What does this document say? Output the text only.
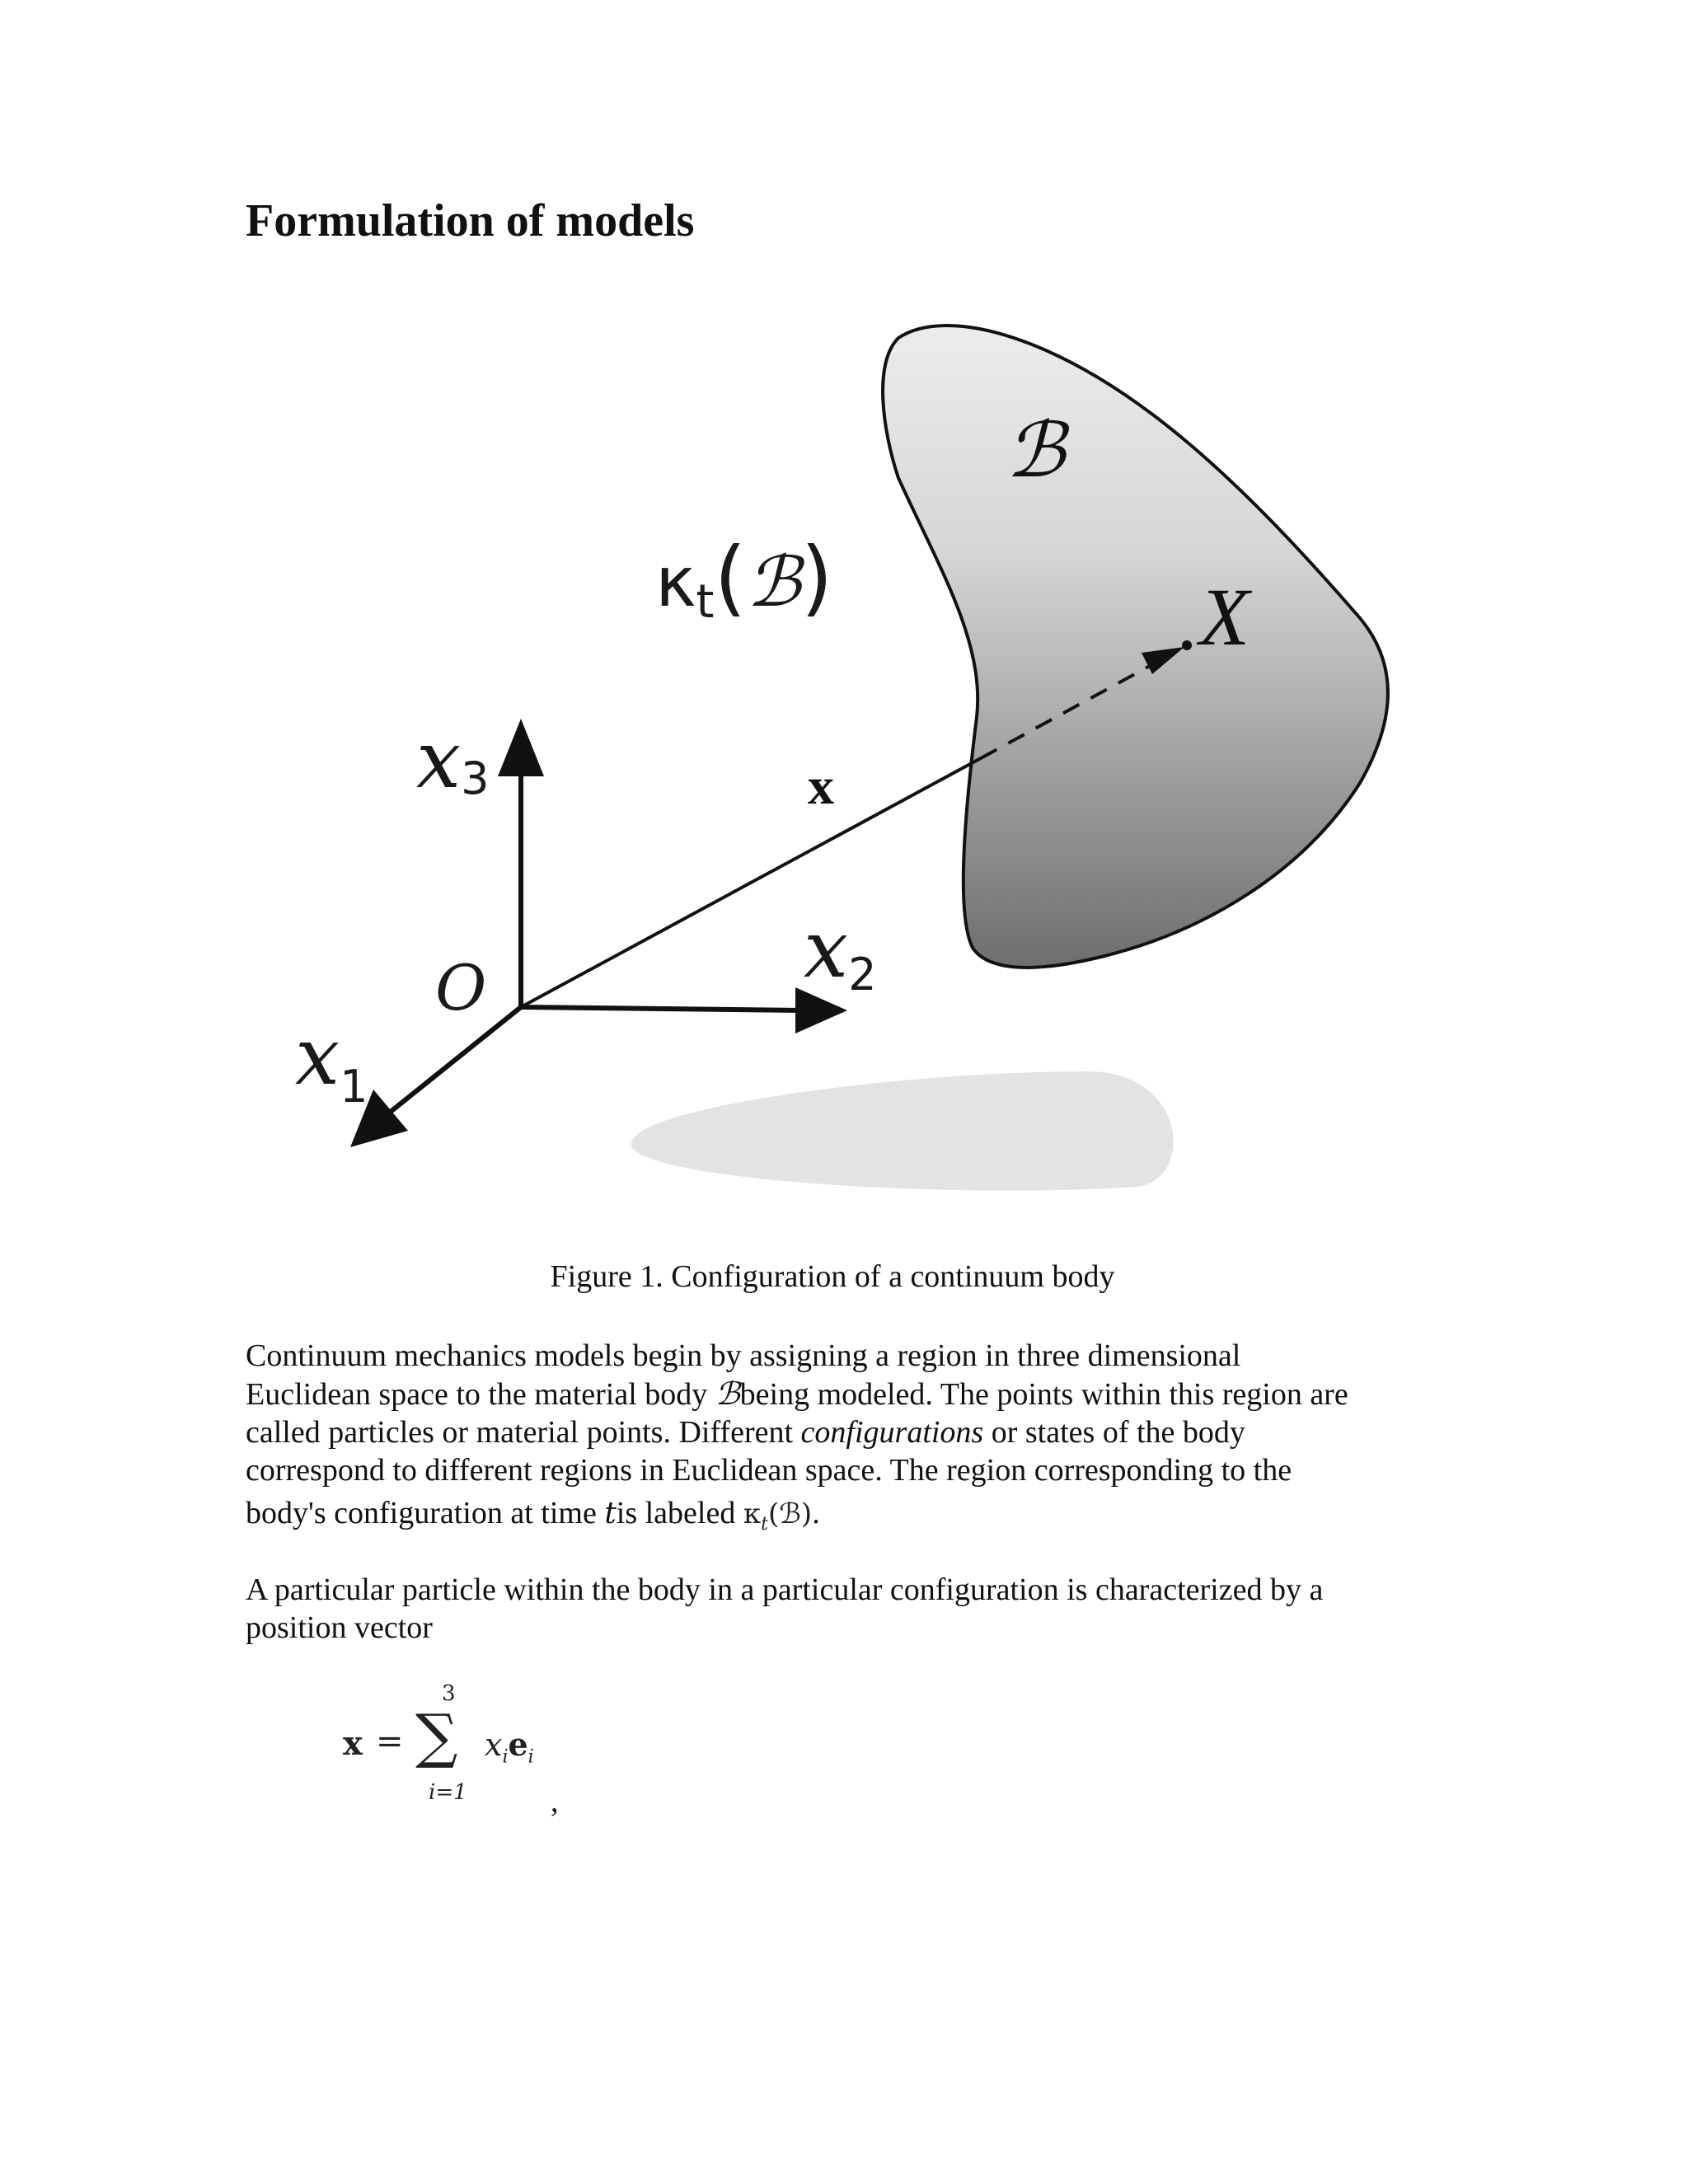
Formulation of models
ℬ
κt(ℬ)	X
x
O
x3
x2
x1
Figure 1. Configuration of a continuum body

Continuum mechanics models begin by assigning a region in three dimensional
Euclidean space to the material body ℬbeing modeled. The points within this region are
called particles or material points. Different configurations or states of the body
correspond to different regions in Euclidean space. The region corresponding to the
body's configuration at time tis labeled $\kappa_t(ℬ)$.

A particular particle within the body in a particular configuration is characterized by a
position vector

x =
3
∑
i=1
$x_ie_i$
,
